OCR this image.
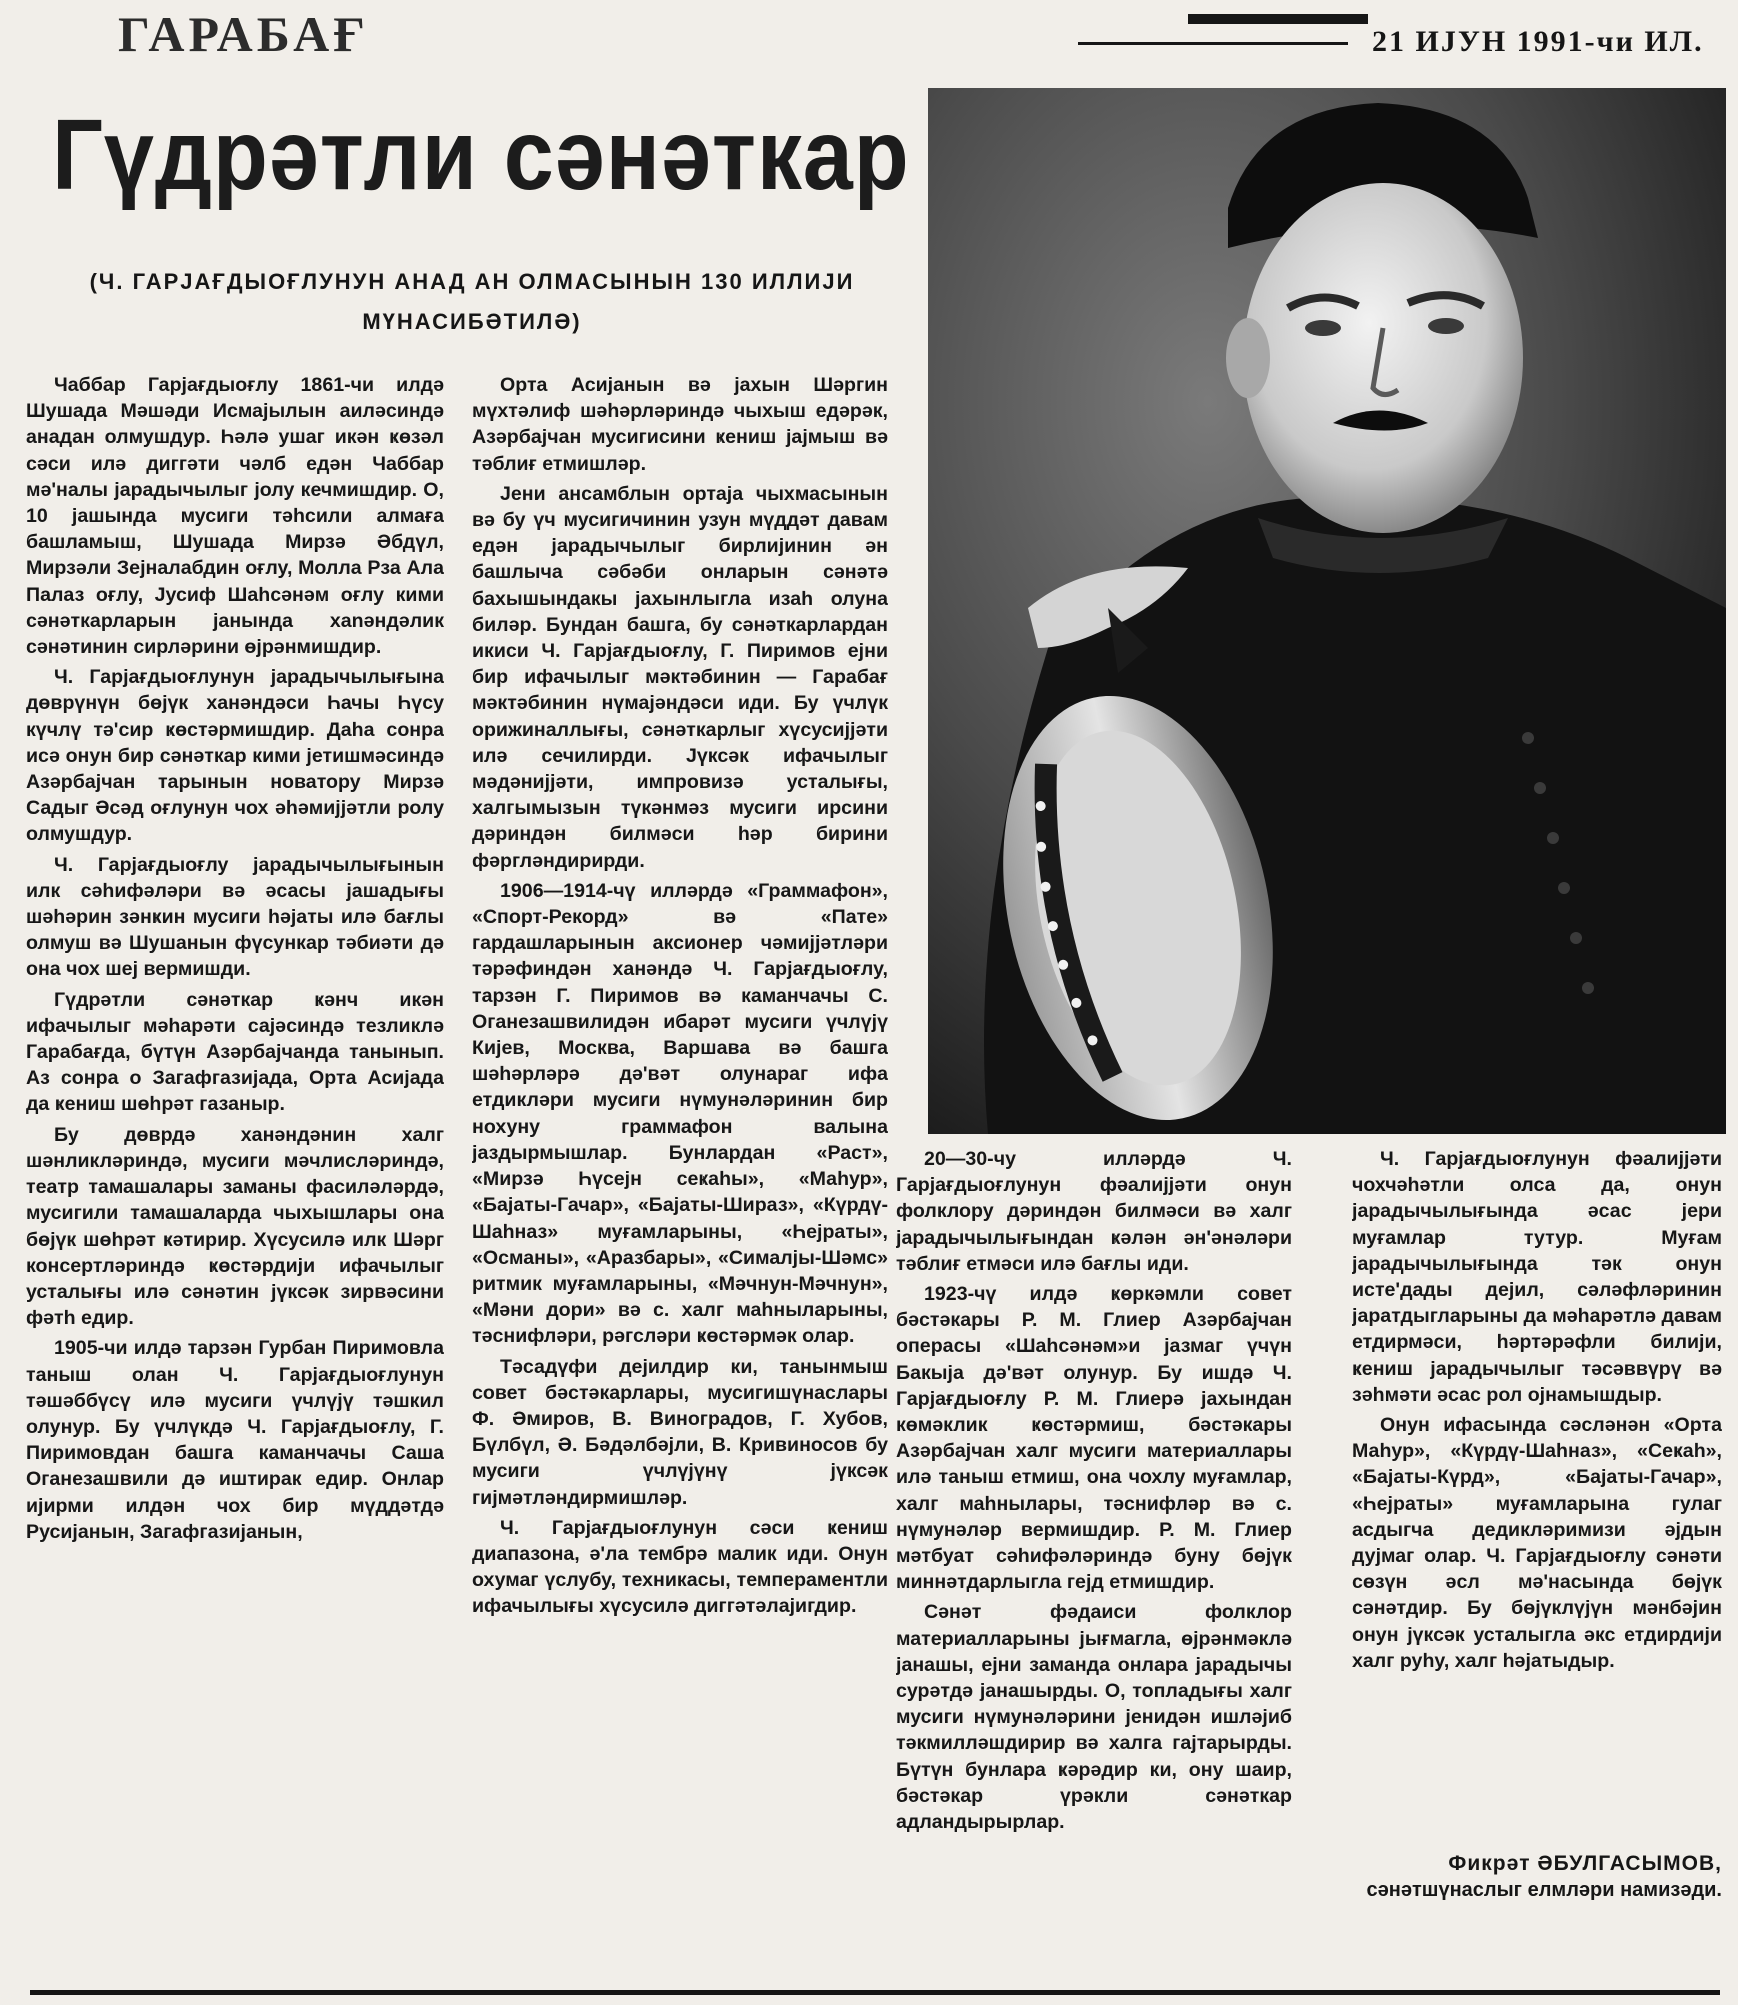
ГАРАБАҒ	21 ИЈУН 1991-чи ИЛ.
Гүдрәтли сәнәткар
(Ч. ГАРЈАҒДЫОҒЛУНУН АНАД АН ОЛМАСЫНЫН 130 ИЛЛИЈИ
МҮНАСИБӘТИЛӘ)

Чаббар Гарјағдыоғлу 1861-чи илдә Шушада Мәшәди Исмаjылын аиләсиндә анадан олмушдур. Һәлә ушаг икән ҝөзәл сәси илә диггәти чәлб едән Чаббар мә'налы јарадычылыг јолу кечмишдир. О, 10 јашында мусиги тәһсили алмаға башламыш, Шушада Мирзә Әбдүл, Мирзәли Зејналабдин оғлу, Молла Рза Ала Палаз оғлу, Јусиф Шаһсәнәм оғлу кими сәнәткарларын јанында хanәндәлик сәнәтинин сирләрини өјрәнмишдир.

Ч. Гарјағдыоғлунун јарадычылығына дөврүнүн бөјүк ханәндәси Һачы Һүсу күчлү тә'сир ҝөстәрмишдир. Даһа сонра исә онун бир сәнәткар кими јетишмәсиндә Азәрбајчан тарынын новатору Мирзә Садыг Әсәд оғлунун чох әһәмијјәтли ролу олмушдур.

Ч. Гарјағдыоғлу јарадычылығынын илк сәһифәләри вә әсасы јашадығы шәһәрин зәнҝин мусиги һәјаты илә бағлы олмуш вә Шушанын фүсункар тәбиәти дә она чох шеј вермишди.

Гүдрәтли сәнәткар ҝәнч икән ифачылыг мәһарәти сајәсиндә тезликлә Гарабағда, бүтүн Азәрбајчанда танынып. Аз сонра о Загафгазијада, Орта Асијада да ҝениш шөһрәт газаныр.

Бу дөврдә ханәндәнин халг шәнликләриндә, мусиги мәчлисләриндә, театр тамашалары заманы фасиләләрдә, мусигили тамашаларда чыхышлары она бөјүк шөһрәт ҝәтирир. Хүсусилә илк Шәрг консертләриндә ҝөстәрдији ифачылыг усталығы илә сәнәтин јүксәк зирвәсини фәтһ едир.

1905-чи илдә тарзән Гурбан Пиримовла таныш олан Ч. Гарјағдыоғлунун тәшәббүсү илә мусиги үчлүjү тәшкил олунур. Бу үчлүкдә Ч. Гарјағдыоғлу, Г. Пиримовдан башга каманчачы Саша Оганезашвили дә иштирак едир. Онлар ијирми илдән чох бир мүддәтдә Русијанын, Загафгазијанын,

Орта Асијанын вә јахын Шәргин мүхтәлиф шәһәрләриндә чыхыш едәрәк, Азәрбајчан мусигисини ҝениш јајмыш вә тәблиғ етмишләр.

Јени ансамблын ортаја чыхмасынын вә бу үч мусигичинин узун мүддәт давам едән јарадычылыг бирлијинин ән башлыча сәбәби онларын сәнәтә бахышындакы јахынлыгла изаһ олуна биләр. Бундан башга, бу сәнәткарлардан икиси Ч. Гарјағдыоғлу, Г. Пиримов ејни бир ифачылыг мәктәбинин — Гарабағ мәктәбинин нүмајәндәси иди. Бу үчлүк орижиналлығы, сәнәткарлыг хүсусијјәти илә сечилирди. Јүксәк ифачылыг мәдәнијјәти, импровизә усталығы, халгымызын түкәнмәз мусиги ирсини дәриндән билмәси һәр бирини фәргләндирирди.

1906—1914-чү илләрдә «Граммафон», «Спорт-Рекорд» вә «Пате» гардашларынын аксионер чәмијјәтләри тәрәфиндән ханәндә Ч. Гарјағдыоғлу, тарзән Г. Пиримов вә каманчачы С. Оганезашвилидән ибарәт мусиги үчлүjү Кијев, Москва, Варшава вә башга шәһәрләрә дә'вәт олунараг ифа етдикләри мусиги нүмунәләринин бир нохуну граммафон валына јаздырмышлар. Бунлардан «Раст», «Мирзә Һүсејн сеҝаһы», «Маһур», «Бајаты-Гачар», «Бајаты-Шираз», «Күрдү-Шаһназ» муғамларыны, «Һејраты», «Османы», «Аразбары», «Сималјы-Шәмс» ритмик муғамларыны, «Мәчнун-Мәчнун», «Мәни дори» вә с. халг маһныларыны, тәснифләри, рәгсләри ҝөстәрмәк олар.

Тәсадүфи дејилдир ки, танынмыш совет бәстәкарлары, мусигишүнаслары Ф. Әмиров, В. Виноградов, Г. Хубов, Бүлбүл, Ә. Бәдәлбәјли, В. Кривиносов бу мусиги үчлүjүнү јүксәк гијмәтләндирмишләр.

Ч. Гарјағдыоғлунун сәси ҝениш диапазона, ә'ла тембрә малик иди. Онун охумаг үслубу, техникасы, темпераментли ифачылығы хүсусилә диггәтәлајигдир.

20—30-чу илләрдә Ч. Гарјағдыоғлунун фәалијјәти онун фолклору дәриндән билмәси вә халг јарадычылығындан ҝәлән ән'әнәләри тәблиғ етмәси илә бағлы иди.

1923-чү илдә ҝөркәмли совет бәстәкары Р. М. Глиер Азәрбајчан операсы «Шаһсәнәм»и јазмаг үчүн Бакыја дә'вәт олунур. Бу ишдә Ч. Гарјағдыоғлу Р. М. Глиерә јахындан көмәклик ҝөстәрмиш, бәстәкары Азәрбајчан халг мусиги материаллары илә таныш етмиш, она чохлу муғамлар, халг маһнылары, тәснифләр вә с. нүмунәләр вермишдир. Р. М. Глиер мәтбуат сәһифәләриндә буну бөјүк миннәтдарлыгла гејд етмишдир.

Сәнәт фәдаиси фолклор материалларыны јығмагла, өјрәнмәклә јанашы, ејни заманда онлара јарадычы сурәтдә јанашырды. О, топладығы халг мусиги нүмунәләрини јенидән ишләјиб тәкмилләшдирир вә халга гајтарырды. Бүтүн бунлара ҝәрәдир ки, ону шаир, бәстәкар үрәкли сәнәткар адландырырлар.

Ч. Гарјағдыоғлунун фәалијјәти чохчәһәтли олса да, онун јарадычылығында әсас јери муғамлар тутур. Муғам јарадычылығында тәк онун исте'дады дејил, сәләфләринин јаратдыгларыны да мәһарәтлә давам етдирмәси, һәртәрәфли билији, ҝениш јарадычылыг тәсәввүрү вә зәһмәти әсас рол ојнамышдыр.

Онун ифасында сәсләнән «Орта Маһур», «Күрдү-Шаһназ», «Сеҝаһ», «Бајаты-Күрд», «Бајаты-Гачар», «Һејраты» муғамларына гулаг асдыгча дедикләримизи әјдын дујмаг олар. Ч. Гарјағдыоғлу сәнәти сөзүн әсл мә'насында бөјүк сәнәтдир. Бу бөјүклүjүн мәнбәјин онун јүксәк усталыгла әкс етдирдији халг руһу, халг һәјатыдыр.

Фикрәт ӘБУЛГАСЫМОВ,
сәнәтшүнаслыг елмләри намизәди.
